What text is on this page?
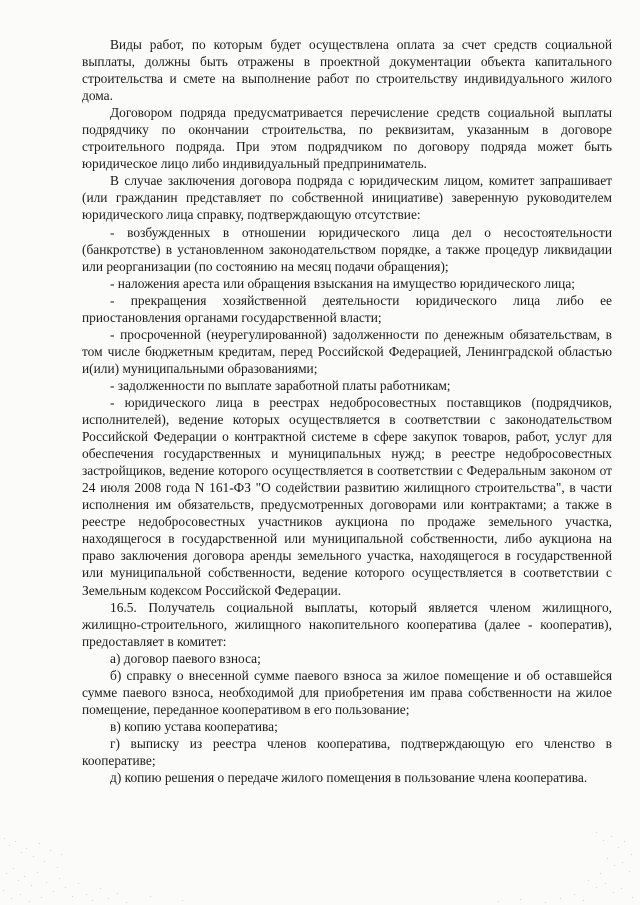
Виды работ, по которым будет осуществлена оплата за счет средств социальной выплаты, должны быть отражены в проектной документации объекта капитального строительства и смете на выполнение работ по строительству индивидуального жилого дома.

Договором подряда предусматривается перечисление средств социальной выплаты подрядчику по окончании строительства, по реквизитам, указанным в договоре строительного подряда. При этом подрядчиком по договору подряда может быть юридическое лицо либо индивидуальный предприниматель.

В случае заключения договора подряда с юридическим лицом, комитет запрашивает (или гражданин представляет по собственной инициативе) заверенную руководителем юридического лица справку, подтверждающую отсутствие:

- возбужденных в отношении юридического лица дел о несостоятельности (банкротстве) в установленном законодательством порядке, а также процедур ликвидации или реорганизации (по состоянию на месяц подачи обращения);

- наложения ареста или обращения взыскания на имущество юридического лица;

- прекращения хозяйственной деятельности юридического лица либо ее приостановления органами государственной власти;

- просроченной (неурегулированной) задолженности по денежным обязательствам, в том числе бюджетным кредитам, перед Российской Федерацией, Ленинградской областью и(или) муниципальными образованиями;

- задолженности по выплате заработной платы работникам;

- юридического лица в реестрах недобросовестных поставщиков (подрядчиков, исполнителей), ведение которых осуществляется в соответствии с законодательством Российской Федерации о контрактной системе в сфере закупок товаров, работ, услуг для обеспечения государственных и муниципальных нужд; в реестре недобросовестных застройщиков, ведение которого осуществляется в соответствии с Федеральным законом от 24 июля 2008 года N 161-ФЗ "О содействии развитию жилищного строительства", в части исполнения им обязательств, предусмотренных договорами или контрактами; а также в реестре недобросовестных участников аукциона по продаже земельного участка, находящегося в государственной или муниципальной собственности, либо аукциона на право заключения договора аренды земельного участка, находящегося в государственной или муниципальной собственности, ведение которого осуществляется в соответствии с Земельным кодексом Российской Федерации.

16.5. Получатель социальной выплаты, который является членом жилищного, жилищно-строительного, жилищного накопительного кооператива (далее - кооператив), предоставляет в комитет:

а) договор паевого взноса;

б) справку о внесенной сумме паевого взноса за жилое помещение и об оставшейся сумме паевого взноса, необходимой для приобретения им права собственности на жилое помещение, переданное кооперативом в его пользование;

в) копию устава кооператива;

г) выписку из реестра членов кооператива, подтверждающую его членство в кооперативе;

д) копию решения о передаче жилого помещения в пользование члена кооператива.
